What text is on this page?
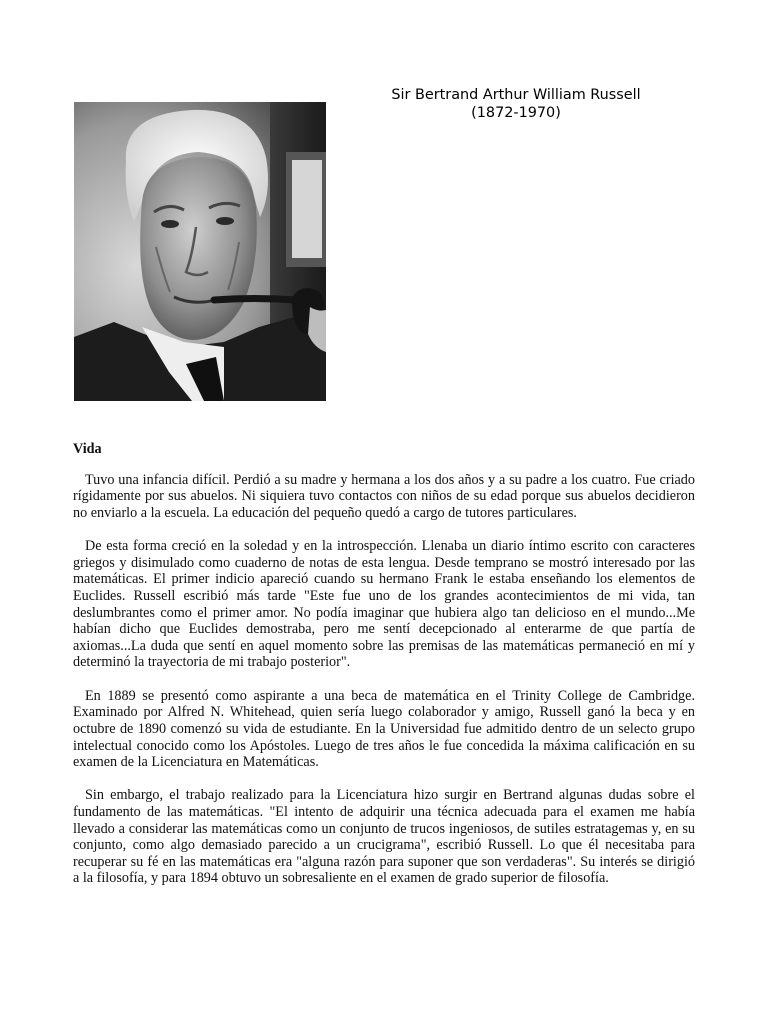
Sir Bertrand Arthur William Russell
(1872-1970)
Vida

Tuvo una infancia difícil. Perdió a su madre y hermana a los dos años y a su padre a los cuatro. Fue criado rígidamente por sus abuelos. Ni siquiera tuvo contactos con niños de su edad porque sus abuelos decidieron no enviarlo a la escuela. La educación del pequeño quedó a cargo de tutores particulares.

De esta forma creció en la soledad y en la introspección. Llenaba un diario íntimo escrito con caracteres griegos y disimulado como cuaderno de notas de esta lengua. Desde temprano se mostró interesado por las matemáticas. El primer indicio apareció cuando su hermano Frank le estaba enseñando los elementos de Euclides. Russell escribió más tarde "Este fue uno de los grandes acontecimientos de mi vida, tan deslumbrantes como el primer amor. No podía imaginar que hubiera algo tan delicioso en el mundo...Me habían dicho que Euclides demostraba, pero me sentí decepcionado al enterarme de que partía de axiomas...La duda que sentí en aquel momento sobre las premisas de las matemáticas permaneció en mí y determinó la trayectoria de mi trabajo posterior".

En 1889 se presentó como aspirante a una beca de matemática en el Trinity College de Cambridge. Examinado por Alfred N. Whitehead, quien sería luego colaborador y amigo, Russell ganó la beca y en octubre de 1890 comenzó su vida de estudiante. En la Universidad fue admitido dentro de un selecto grupo intelectual conocido como los Apóstoles. Luego de tres años le fue concedida la máxima calificación en su examen de la Licenciatura en Matemáticas.

Sin embargo, el trabajo realizado para la Licenciatura hizo surgir en Bertrand algunas dudas sobre el fundamento de las matemáticas. "El intento de adquirir una técnica adecuada para el examen me había llevado a considerar las matemáticas como un conjunto de trucos ingeniosos, de sutiles estratagemas y, en su conjunto, como algo demasiado parecido a un crucigrama", escribió Russell. Lo que él necesitaba para recuperar su fé en las matemáticas era "alguna razón para suponer que son verdaderas". Su interés se dirigió a la filosofía, y para 1894 obtuvo un sobresaliente en el examen de grado superior de filosofía.
